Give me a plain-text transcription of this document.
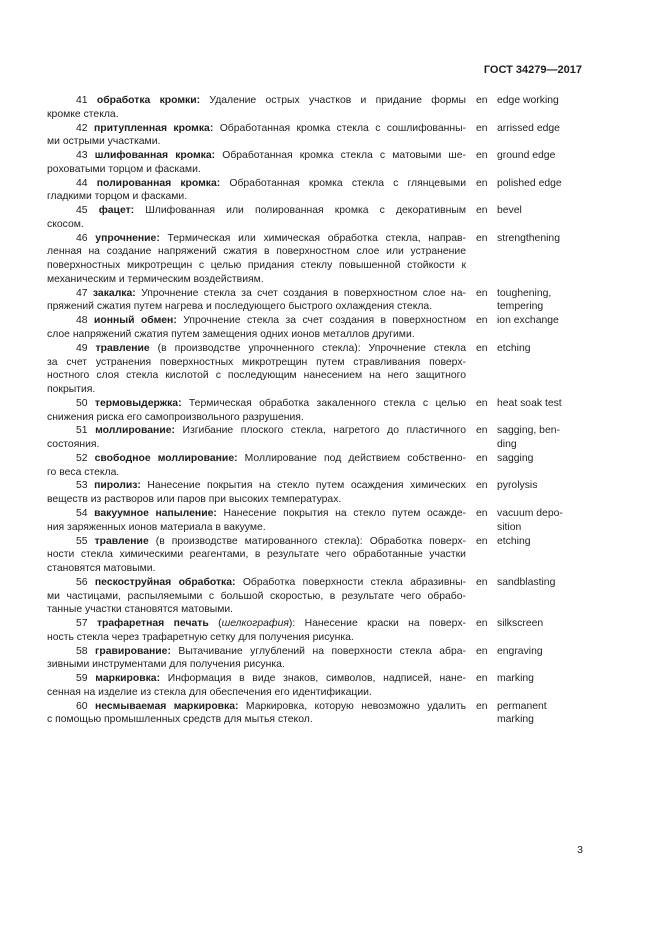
ГОСТ 34279—2017
41 обработка кромки: Удаление острых участков и придание формы
кромке стекла.
en edge working
42 притупленная кромка: Обработанная кромка стекла с сошлифованны-
ми острыми участками.
en arrissed edge
43 шлифованная кромка: Обработанная кромка стекла с матовыми ше-
роховатыми торцом и фасками.
en ground edge
44 полированная кромка: Обработанная кромка стекла с глянцевыми
гладкими торцом и фасками.
en polished edge
45 фацет: Шлифованная или полированная кромка с декоративным
скосом.
en bevel
46 упрочнение: Термическая или химическая обработка стекла, направ-
ленная на создание напряжений сжатия в поверхностном слое или устранение
поверхностных микротрещин с целью придания стеклу повышенной стойкости к
механическим и термическим воздействиям.
en strengthening
47 закалка: Упрочнение стекла за счет создания в поверхностном слое на-
пряжений сжатия путем нагрева и последующего быстрого охлаждения стекла.
en toughening,
tempering
48 ионный обмен: Упрочнение стекла за счет создания в поверхностном
слое напряжений сжатия путем замещения одних ионов металлов другими.
en ion exchange
49 травление (в производстве упрочненного стекла): Упрочнение стекла
за счет устранения поверхностных микротрещин путем стравливания поверх-
ностного слоя стекла кислотой с последующим нанесением на него защитного
покрытия.
en etching
50 термовыдержка: Термическая обработка закаленного стекла с целью
снижения риска его самопроизвольного разрушения.
en heat soak test
51 моллирование: Изгибание плоского стекла, нагретого до пластичного
состояния.
en sagging, ben-
ding
52 свободное моллирование: Моллирование под действием собственно-
го веса стекла.
en sagging
53 пиролиз: Нанесение покрытия на стекло путем осаждения химических
веществ из растворов или паров при высоких температурах.
en pyrolysis
54 вакуумное напыление: Нанесение покрытия на стекло путем осажде-
ния заряженных ионов материала в вакууме.
en vacuum depo-
sition
55 травление (в производстве матированного стекла): Обработка поверх-
ности стекла химическими реагентами, в результате чего обработанные участки
становятся матовыми.
en etching
56 пескоструйная обработка: Обработка поверхности стекла абразивны-
ми частицами, распыляемыми с большой скоростью, в результате чего обрабо-
танные участки становятся матовыми.
en sandblasting
57 трафаретная печать (шелкография): Нанесение краски на поверх-
ность стекла через трафаретную сетку для получения рисунка.
en silkscreen
58 гравирование: Вытачивание углублений на поверхности стекла абра-
зивными инструментами для получения рисунка.
en engraving
59 маркировка: Информация в виде знаков, символов, надписей, нане-
сенная на изделие из стекла для обеспечения его идентификации.
en marking
60 несмываемая маркировка: Маркировка, которую невозможно удалить
с помощью промышленных средств для мытья стекол.
en permanent
marking
3
